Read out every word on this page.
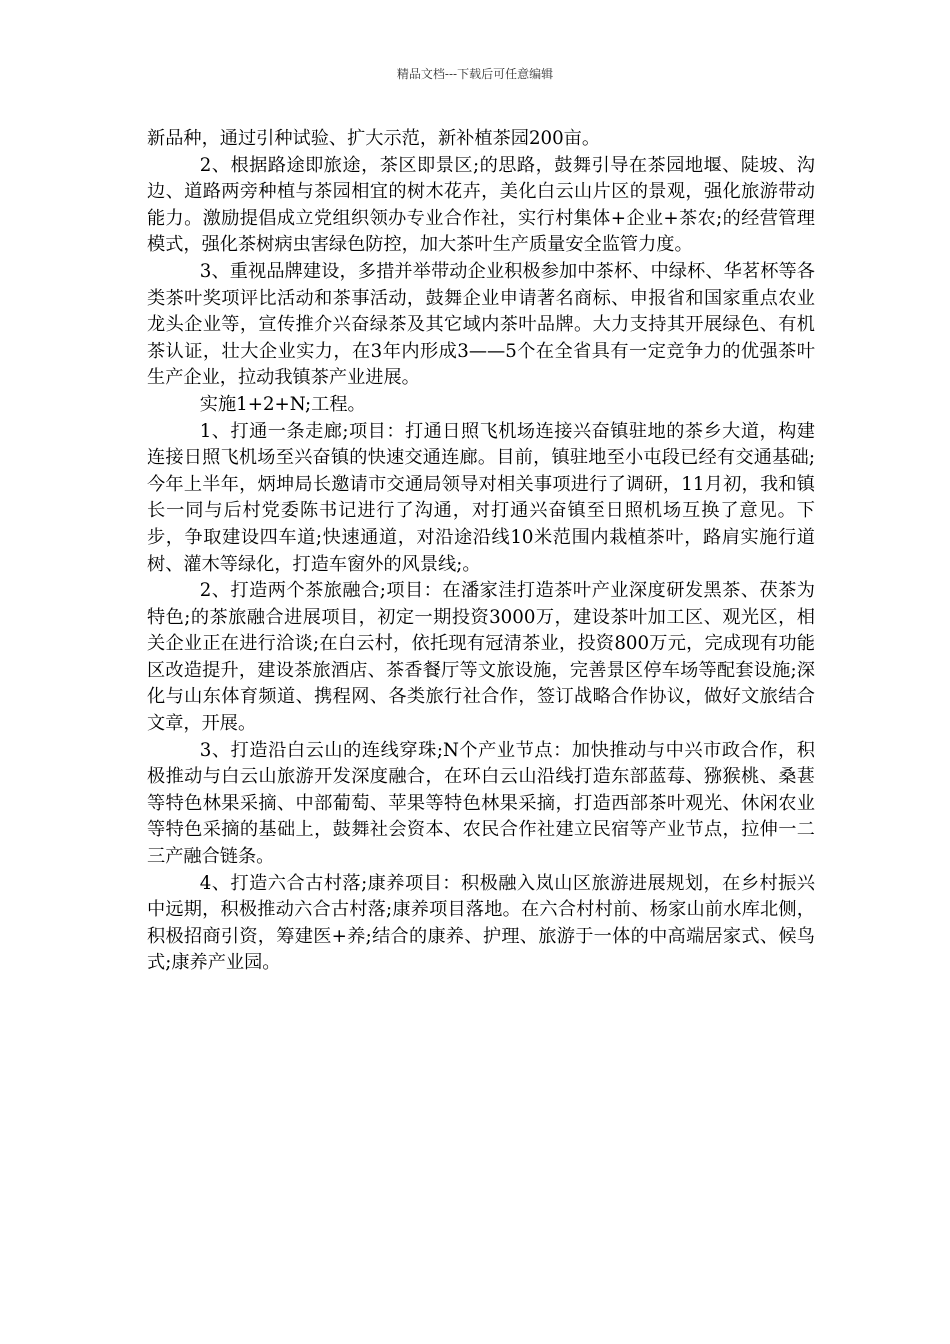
精品文档---下载后可任意编辑

新品种，通过引种试验、扩大示范，新补植茶园200亩。

2、根据路途即旅途，茶区即景区;的思路，鼓舞引导在茶园地堰、陡坡、沟边、道路两旁种植与茶园相宜的树木花卉，美化白云山片区的景观，强化旅游带动能力。激励提倡成立党组织领办专业合作社，实行村集体+企业+茶农;的经营管理模式，强化茶树病虫害绿色防控，加大茶叶生产质量安全监管力度。

3、重视品牌建设，多措并举带动企业积极参加中茶杯、中绿杯、华茗杯等各类茶叶奖项评比活动和茶事活动，鼓舞企业申请著名商标、申报省和国家重点农业龙头企业等，宣传推介兴奋绿茶及其它域内茶叶品牌。大力支持其开展绿色、有机茶认证，壮大企业实力，在3年内形成3——5个在全省具有一定竞争力的优强茶叶生产企业，拉动我镇茶产业进展。

实施1+2+N;工程。

1、打通一条走廊;项目：打通日照飞机场连接兴奋镇驻地的茶乡大道，构建连接日照飞机场至兴奋镇的快速交通连廊。目前，镇驻地至小屯段已经有交通基础;今年上半年，炳坤局长邀请市交通局领导对相关事项进行了调研，11月初，我和镇长一同与后村党委陈书记进行了沟通，对打通兴奋镇至日照机场互换了意见。下步，争取建设四车道;快速通道，对沿途沿线10米范围内栽植茶叶，路肩实施行道树、灌木等绿化，打造车窗外的风景线;。

2、打造两个茶旅融合;项目：在潘家洼打造茶叶产业深度研发黑茶、茯茶为特色;的茶旅融合进展项目，初定一期投资3000万，建设茶叶加工区、观光区，相关企业正在进行洽谈;在白云村，依托现有冠清茶业，投资800万元，完成现有功能区改造提升，建设茶旅酒店、茶香餐厅等文旅设施，完善景区停车场等配套设施;深化与山东体育频道、携程网、各类旅行社合作，签订战略合作协议，做好文旅结合文章，开展。

3、打造沿白云山的连线穿珠;N个产业节点：加快推动与中兴市政合作，积极推动与白云山旅游开发深度融合，在环白云山沿线打造东部蓝莓、猕猴桃、桑葚等特色林果采摘、中部葡萄、苹果等特色林果采摘，打造西部茶叶观光、休闲农业等特色采摘的基础上，鼓舞社会资本、农民合作社建立民宿等产业节点，拉伸一二三产融合链条。

4、打造六合古村落;康养项目：积极融入岚山区旅游进展规划，在乡村振兴中远期，积极推动六合古村落;康养项目落地。在六合村村前、杨家山前水库北侧，积极招商引资，筹建医+养;结合的康养、护理、旅游于一体的中高端居家式、候鸟式;康养产业园。
